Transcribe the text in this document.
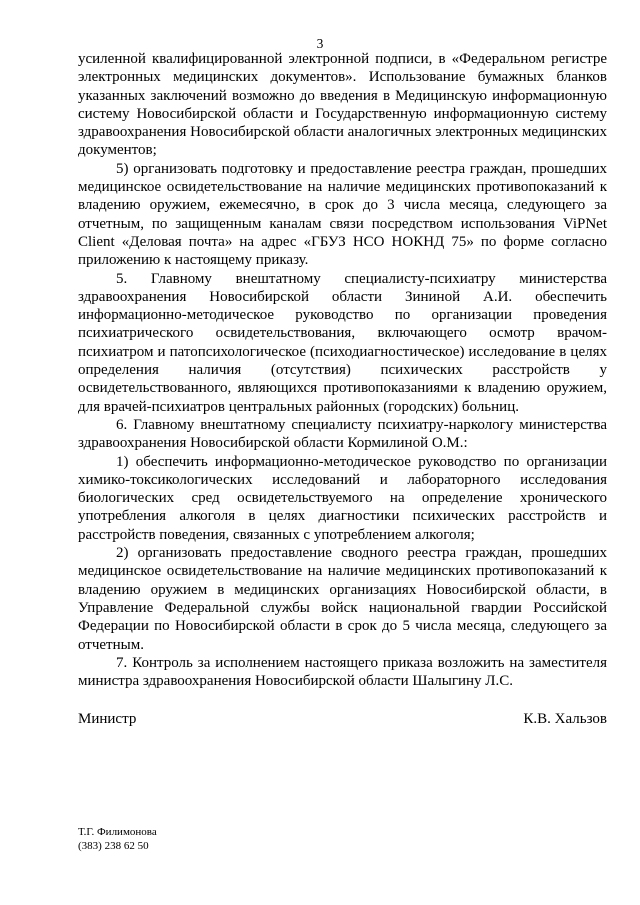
3

усиленной квалифицированной электронной подписи, в «Федеральном регистре электронных медицинских документов». Использование бумажных бланков указанных заключений возможно до введения в Медицинскую информационную систему Новосибирской области и Государственную информационную систему здравоохранения Новосибирской области аналогичных электронных медицинских документов;

5) организовать подготовку и предоставление реестра граждан, прошедших медицинское освидетельствование на наличие медицинских противопоказаний к владению оружием, ежемесячно, в срок до 3 числа месяца, следующего за отчетным, по защищенным каналам связи посредством использования ViPNet Client «Деловая почта» на адрес «ГБУЗ НСО НОКНД 75» по форме согласно приложению к настоящему приказу.

5. Главному внештатному специалисту-психиатру министерства здравоохранения Новосибирской области Зининой А.И. обеспечить информационно-методическое руководство по организации проведения психиатрического освидетельствования, включающего осмотр врачом-психиатром и патопсихологическое (психодиагностическое) исследование в целях определения наличия (отсутствия) психических расстройств у освидетельствованного, являющихся противопоказаниями к владению оружием, для врачей-психиатров центральных районных (городских) больниц.

6. Главному внештатному специалисту психиатру-наркологу министерства здравоохранения Новосибирской области Кормилиной О.М.:

1) обеспечить информационно-методическое руководство по организации химико-токсикологических исследований и лабораторного исследования биологических сред освидетельствуемого на определение хронического употребления алкоголя в целях диагностики психических расстройств и расстройств поведения, связанных с употреблением алкоголя;

2) организовать предоставление сводного реестра граждан, прошедших медицинское освидетельствование на наличие медицинских противопоказаний к владению оружием в медицинских организациях Новосибирской области, в Управление Федеральной службы войск национальной гвардии Российской Федерации по Новосибирской области в срок до 5 числа месяца, следующего за отчетным.

7. Контроль за исполнением настоящего приказа возложить на заместителя министра здравоохранения Новосибирской области Шалыгину Л.С.

Министр	К.В. Хальзов
Т.Г. Филимонова
(383) 238 62 50
